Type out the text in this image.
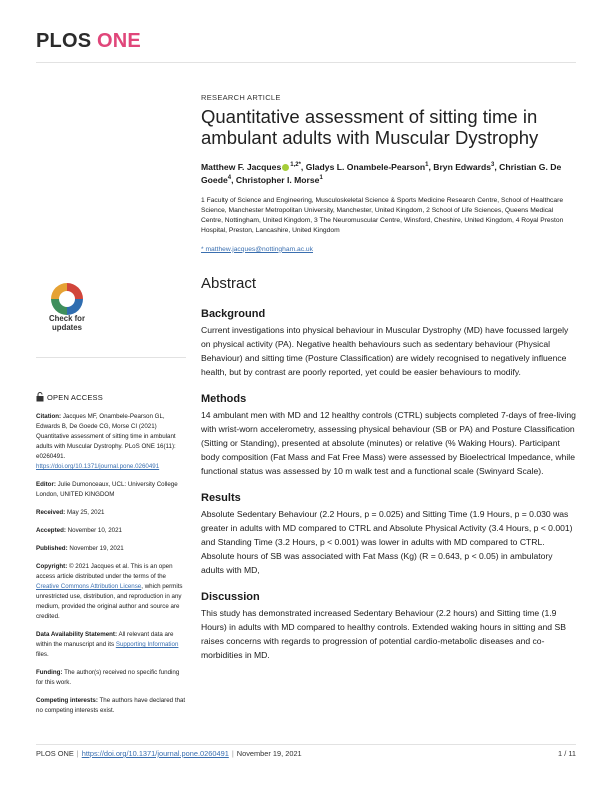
PLOS ONE
RESEARCH ARTICLE
Quantitative assessment of sitting time in ambulant adults with Muscular Dystrophy
Matthew F. Jacques $^{1,2*}$, Gladys L. Onambele-Pearson$^1$, Bryn Edwards$^3$, Christian G. De Goede$^4$, Christopher I. Morse$^1$
1 Faculty of Science and Engineering, Musculoskeletal Science & Sports Medicine Research Centre, School of Healthcare Science, Manchester Metropolitan University, Manchester, United Kingdom, 2 School of Life Sciences, Queens Medical Centre, Nottingham, United Kingdom, 3 The Neuromuscular Centre, Winsford, Cheshire, United Kingdom, 4 Royal Preston Hospital, Preston, Lancashire, United Kingdom
* matthew.jacques@nottingham.ac.uk
Abstract
Background

Current investigations into physical behaviour in Muscular Dystrophy (MD) have focussed largely on physical activity (PA). Negative health behaviours such as sedentary behaviour (Physical Behaviour) and sitting time (Posture Classification) are widely recognised to negatively influence health, but by contrast are poorly reported, yet could be easier behaviours to modify.

Methods

14 ambulant men with MD and 12 healthy controls (CTRL) subjects completed 7-days of free-living with wrist-worn accelerometry, assessing physical behaviour (SB or PA) and Posture Classification (Sitting or Standing), presented at absolute (minutes) or relative (% Waking Hours). Participant body composition (Fat Mass and Fat Free Mass) were assessed by Bioelectrical Impedance, while functional status was assessed by 10 m walk test and a functional scale (Swinyard Scale).

Results

Absolute Sedentary Behaviour (2.2 Hours, p = 0.025) and Sitting Time (1.9 Hours, p = 0.030 was greater in adults with MD compared to CTRL and Absolute Physical Activity (3.4 Hours, p < 0.001) and Standing Time (3.2 Hours, p < 0.001) was lower in adults with MD compared to CTRL. Absolute hours of SB was associated with Fat Mass (Kg) (R = 0.643, p < 0.05) in ambulatory adults with MD,

Discussion

This study has demonstrated increased Sedentary Behaviour (2.2 hours) and Sitting time (1.9 Hours) in adults with MD compared to healthy controls. Extended waking hours in sitting and SB raises concerns with regards to progression of potential cardio-metabolic diseases and co-morbidities in MD.

Check for updates
OPEN ACCESS
Citation: Jacques MF, Onambele-Pearson GL, Edwards B, De Goede CG, Morse CI (2021) Quantitative assessment of sitting time in ambulant adults with Muscular Dystrophy. PLoS ONE 16(11): e0260491. https://doi.org/10.1371/journal.pone.0260491
Editor: Julie Dumonceaux, UCL: University College London, UNITED KINGDOM
Received: May 25, 2021
Accepted: November 10, 2021
Published: November 19, 2021
Copyright: © 2021 Jacques et al. This is an open access article distributed under the terms of the Creative Commons Attribution License, which permits unrestricted use, distribution, and reproduction in any medium, provided the original author and source are credited.
Data Availability Statement: All relevant data are within the manuscript and its Supporting Information files.
Funding: The author(s) received no specific funding for this work.
Competing interests: The authors have declared that no competing interests exist.
PLOS ONE | https://doi.org/10.1371/journal.pone.0260491 | November 19, 2021	1 / 11
